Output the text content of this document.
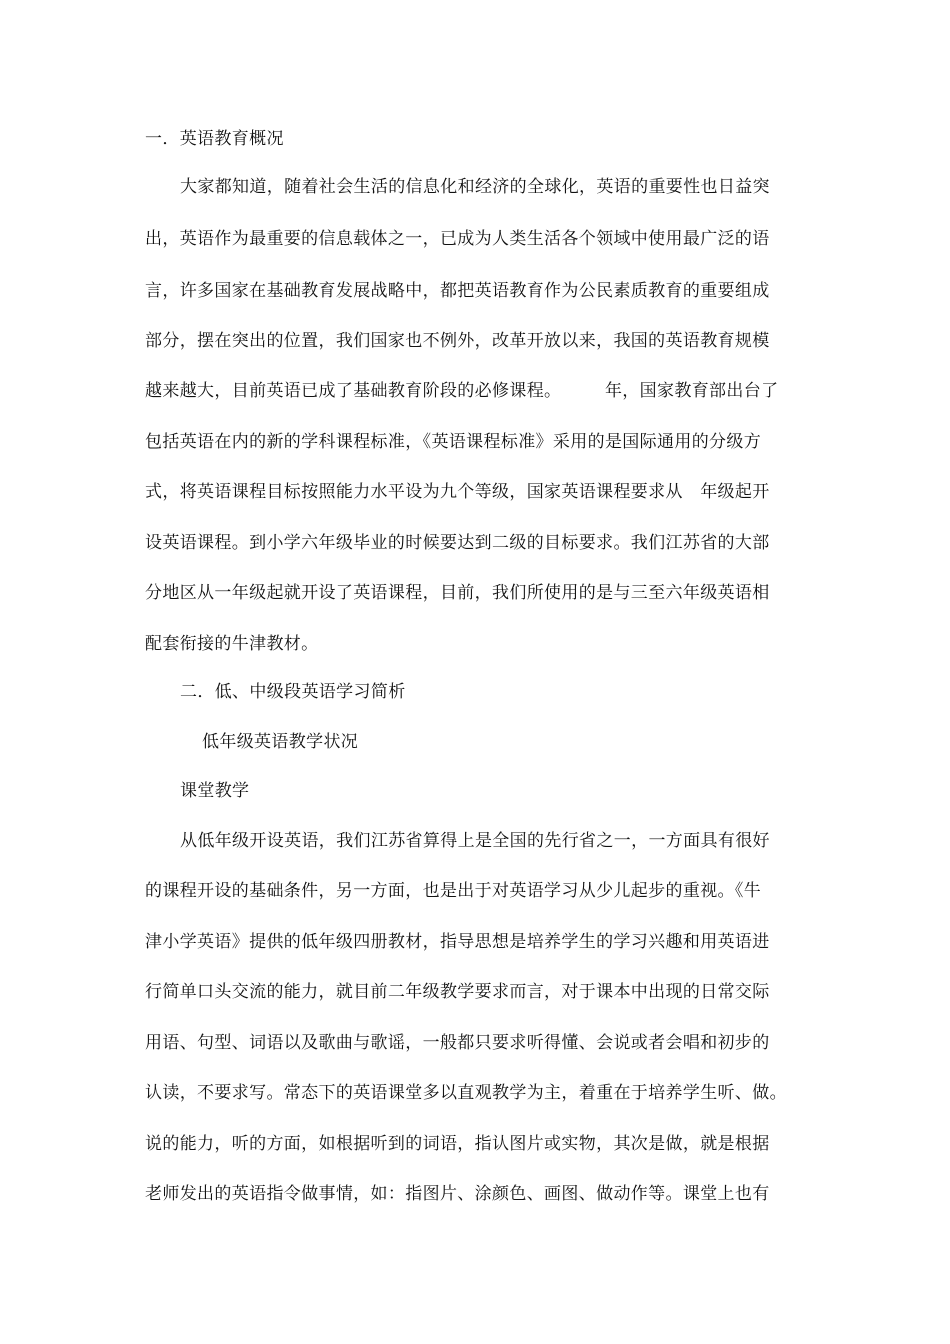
一．英语教育概况
大家都知道，随着社会生活的信息化和经济的全球化，英语的重要性也日益突
出，英语作为最重要的信息载体之一，已成为人类生活各个领域中使用最广泛的语
言，许多国家在基础教育发展战略中，都把英语教育作为公民素质教育的重要组成
部分，摆在突出的位置，我们国家也不例外，改革开放以来，我国的英语教育规模
越来越大，目前英语已成了基础教育阶段的必修课程。　　　年，国家教育部出台了
包括英语在内的新的学科课程标准，《英语课程标准》采用的是国际通用的分级方
式，将英语课程目标按照能力水平设为九个等级，国家英语课程要求从　年级起开
设英语课程。到小学六年级毕业的时候要达到二级的目标要求。我们江苏省的大部
分地区从一年级起就开设了英语课程，目前，我们所使用的是与三至六年级英语相
配套衔接的牛津教材。
二．低、中级段英语学习简析
低年级英语教学状况
课堂教学
从低年级开设英语，我们江苏省算得上是全国的先行省之一，一方面具有很好
的课程开设的基础条件，另一方面，也是出于对英语学习从少儿起步的重视。《牛
津小学英语》提供的低年级四册教材，指导思想是培养学生的学习兴趣和用英语进
行简单口头交流的能力，就目前二年级教学要求而言，对于课本中出现的日常交际
用语、句型、词语以及歌曲与歌谣，一般都只要求听得懂、会说或者会唱和初步的
认读，不要求写。常态下的英语课堂多以直观教学为主，着重在于培养学生听、做。
说的能力，听的方面，如根据听到的词语，指认图片或实物，其次是做，就是根据
老师发出的英语指令做事情，如：指图片、涂颜色、画图、做动作等。课堂上也有
